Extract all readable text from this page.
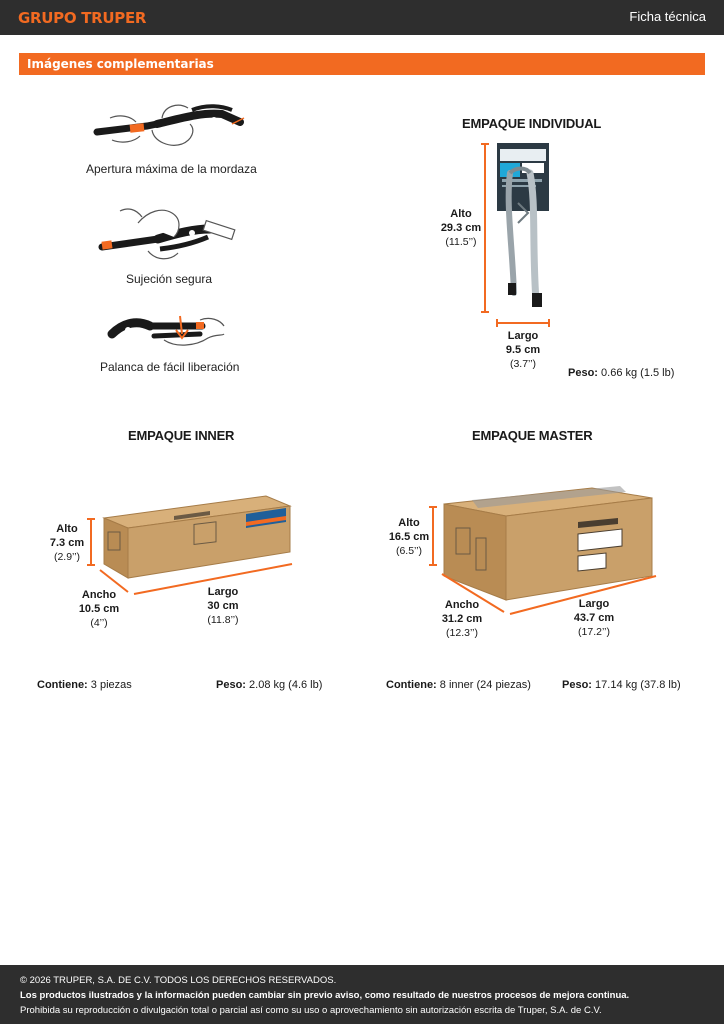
GRUPO TRUPER	Ficha técnica
Imágenes complementarias
Apertura máxima de la mordaza
Sujeción segura
Palanca de fácil liberación
EMPAQUE INDIVIDUAL
Alto
29.3 cm
(11.5’’)
Largo
9.5 cm
(3.7’’)
Peso: 0.66 kg (1.5 lb)
EMPAQUE INNER
Alto
7.3 cm
(2.9’’)
Ancho
10.5 cm
(4’’)
Largo
30 cm
(11.8’’)
Contiene: 3 piezas	Peso: 2.08 kg (4.6 lb)
EMPAQUE MASTER
Alto
16.5 cm
(6.5’’)
Ancho
31.2 cm
(12.3’’)
Largo
43.7 cm
(17.2’’)
Contiene: 8 inner (24 piezas)	Peso: 17.14 kg (37.8 lb)
© 2026 TRUPER, S.A. DE C.V. TODOS LOS DERECHOS RESERVADOS.
Los productos ilustrados y la información pueden cambiar sin previo aviso, como resultado de nuestros procesos de mejora continua.
Prohibida su reproducción o divulgación total o parcial así como su uso o aprovechamiento sin autorización escrita de Truper, S.A. de C.V.
